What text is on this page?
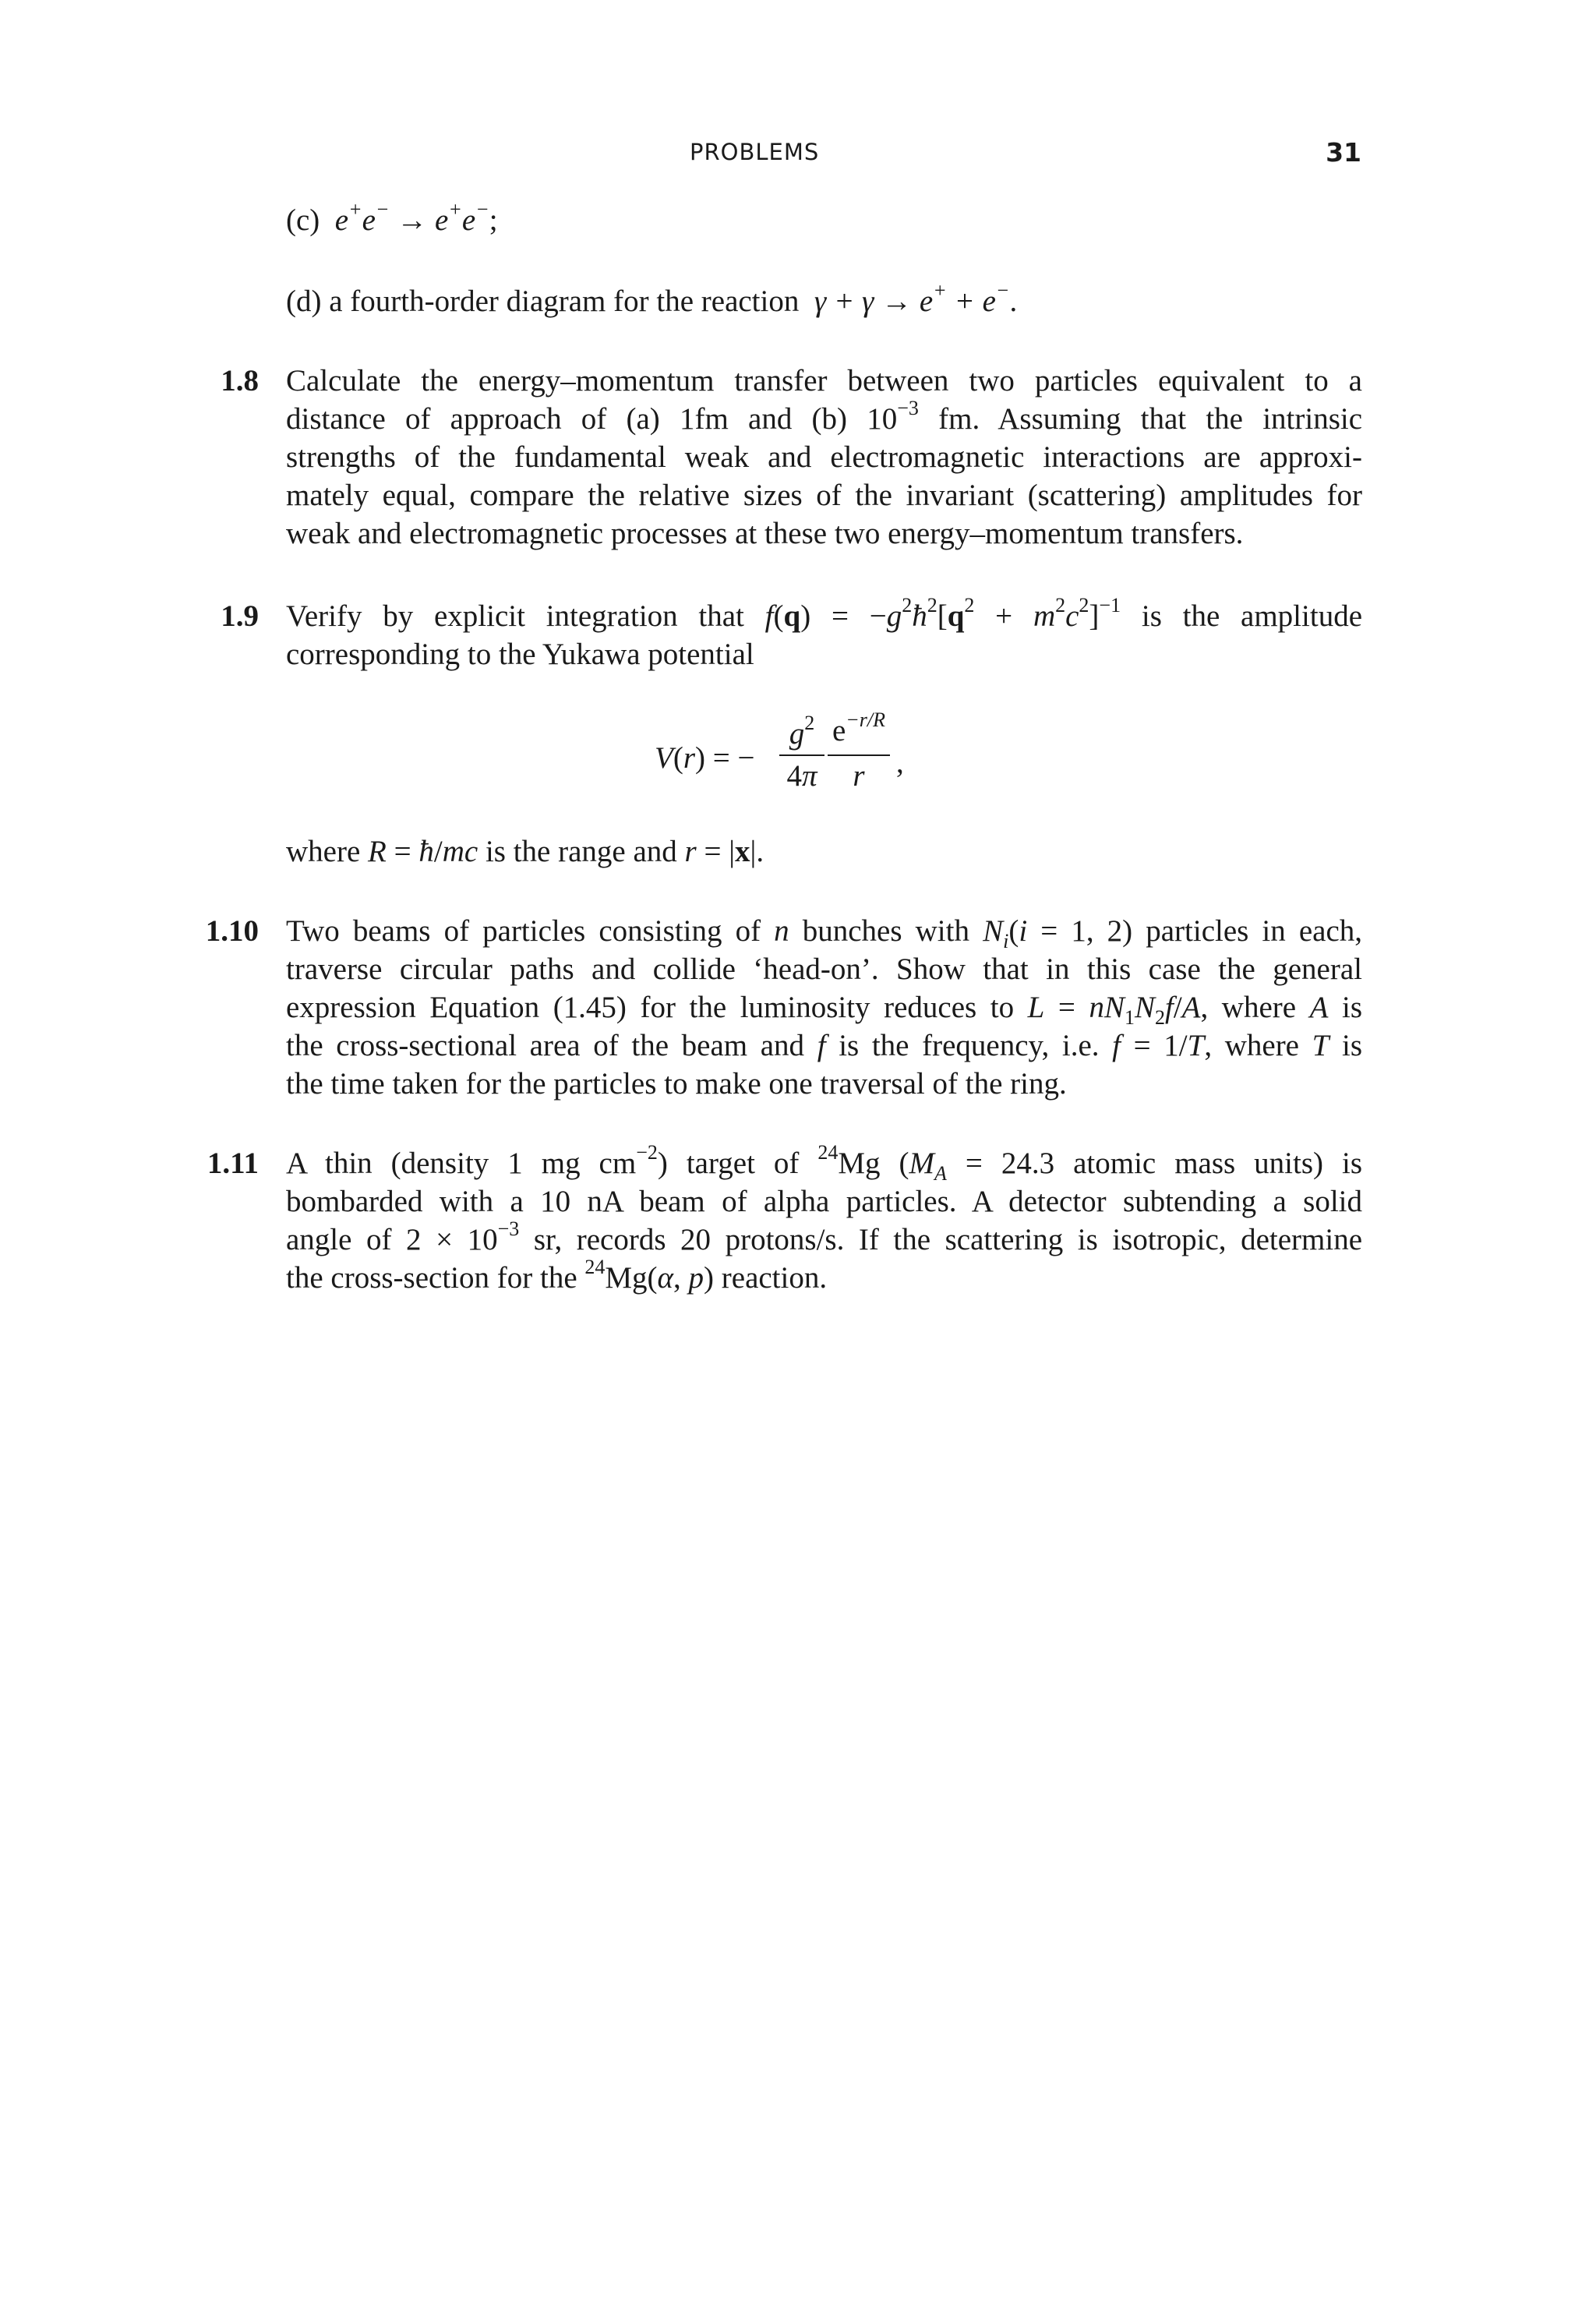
PROBLEMS	31
(c)  e+e− → e+e−;
(d) a fourth-order diagram for the reaction  γ + γ → e+ + e−.
1.8 Calculate the energy–momentum transfer between two particles equivalent to a
distance of approach of (a) 1fm and (b) $10^{-3}$ fm. Assuming that the intrinsic
strengths of the fundamental weak and electromagnetic interactions are approxi-
mately equal, compare the relative sizes of the invariant (scattering) amplitudes for
weak and electromagnetic processes at these two energy–momentum transfers.
1.9 Verify by explicit integration that $f(q) = -g^2ħ^2[q^2 + m^2c^2]^{-1}$ is the amplitude
corresponding to the Yukawa potential
V(r) = −
$g^2$
4π
$e^{-r/R}$
r	,
where R = ħ/mc is the range and r = |x|.
1.10 Two beams of particles consisting of n bunches with $N_i(i = 1$, 2) particles in each,
traverse circular paths and collide ‘head-on’. Show that in this case the general
expression Equation (1.45) for the luminosity reduces to $L = nN_1N_2f/A$, where A is
the cross-sectional area of the beam and f is the frequency, i.e. f = 1/T, where T is
the time taken for the particles to make one traversal of the ring.
1.11 A thin (density 1 mg $cm^{-2}$) target of $^{24}$Mg ($M_A = 24.3$ atomic mass units) is
bombarded with a 10 nA beam of alpha particles. A detector subtending a solid
angle of $2 \times 10^{-3}$ sr, records 20 protons/s. If the scattering is isotropic, determine
the cross-section for the $^{24}$Mg(α, p) reaction.
